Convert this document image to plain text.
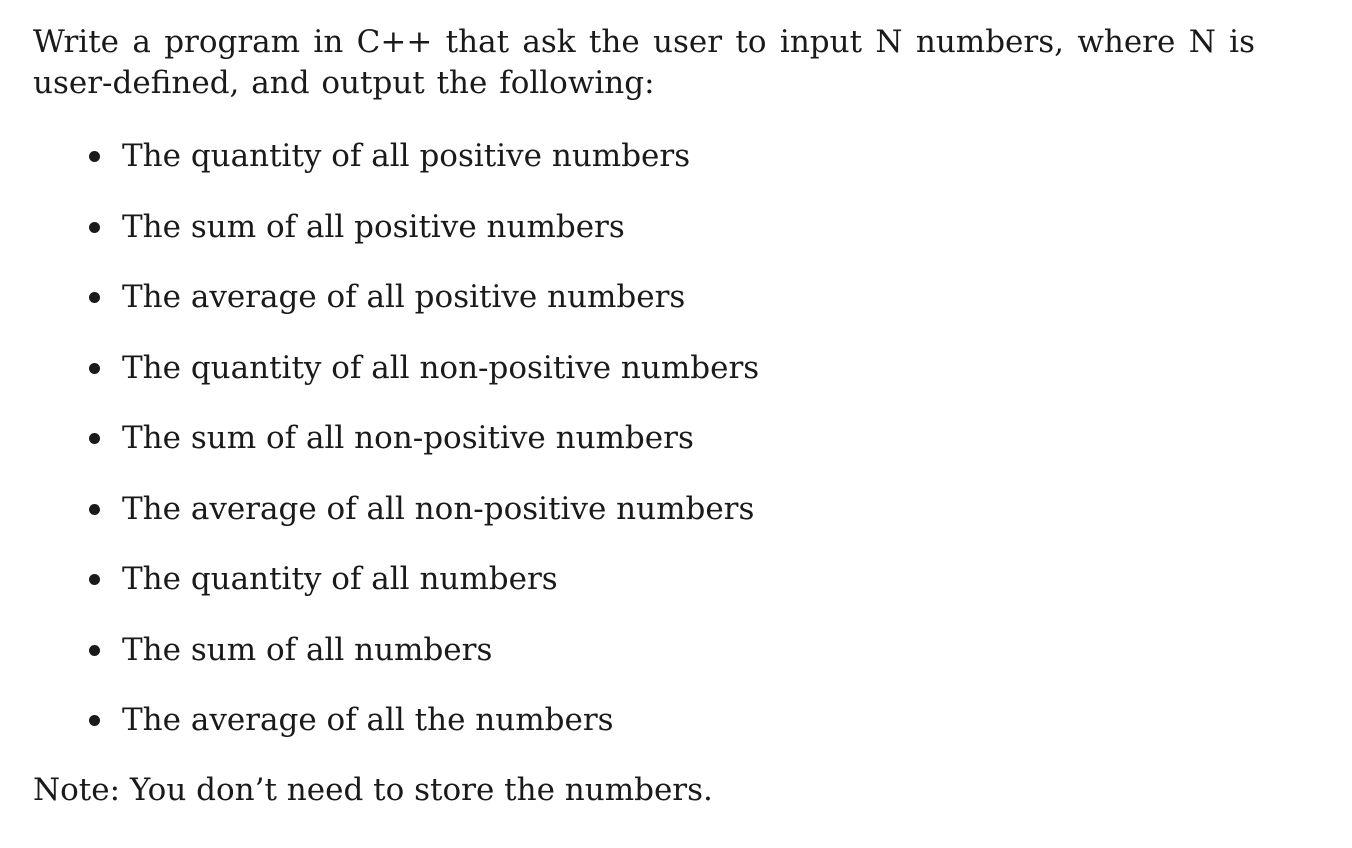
Write a program in C++ that ask the user to input N numbers, where N is user-defined, and output the following:

The quantity of all positive numbers
The sum of all positive numbers
The average of all positive numbers
The quantity of all non-positive numbers
The sum of all non-positive numbers
The average of all non-positive numbers
The quantity of all numbers
The sum of all numbers
The average of all the numbers

Note: You don’t need to store the numbers.
